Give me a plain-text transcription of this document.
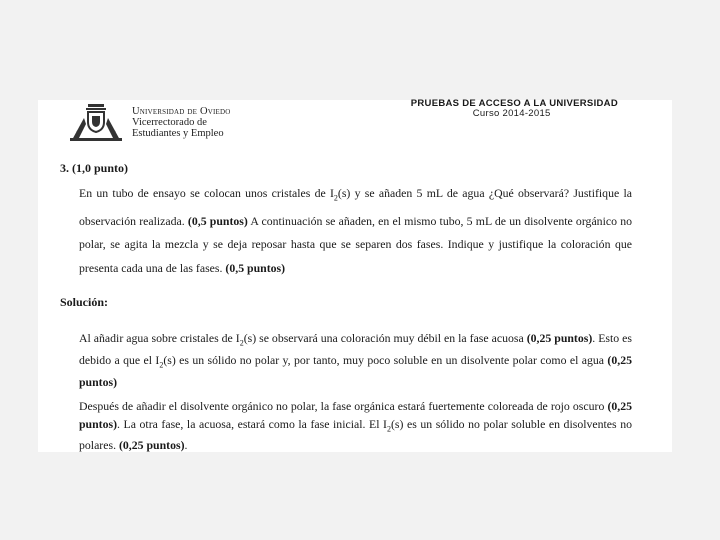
Universidad de Oviedo
Vicerrectorado de
Estudiantes y Empleo
PRUEBAS DE ACCESO A LA UNIVERSIDAD
Curso 2014-2015
3. (1,0 punto)
En un tubo de ensayo se colocan unos cristales de $I_2(s)$ y se añaden 5 mL de agua ¿Qué observará? Justifique la observación realizada. (0,5 puntos) A continuación se añaden, en el mismo tubo, 5 mL de un disolvente orgánico no polar, se agita la mezcla y se deja reposar hasta que se separen dos fases. Indique y justifique la coloración que presenta cada una de las fases. (0,5 puntos)
Solución:
Al añadir agua sobre cristales de $I_2(s)$ se observará una coloración muy débil en la fase acuosa (0,25 puntos). Esto es debido a que el $I_2(s)$ es un sólido no polar y, por tanto, muy poco soluble en un disolvente polar como el agua (0,25 puntos)
Después de añadir el disolvente orgánico no polar, la fase orgánica estará fuertemente coloreada de rojo oscuro (0,25 puntos). La otra fase, la acuosa, estará como la fase inicial. El $I_2(s)$ es un sólido no polar soluble en disolventes no polares. (0,25 puntos).
